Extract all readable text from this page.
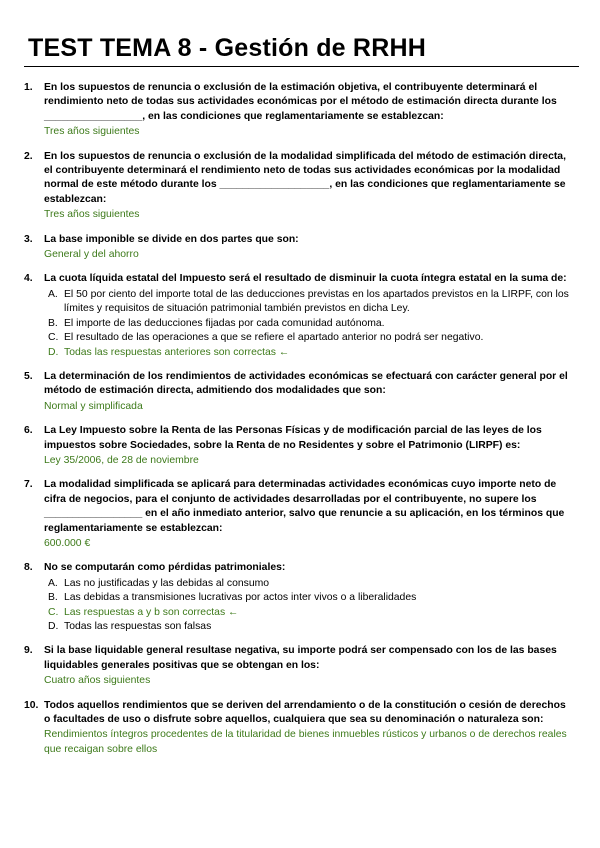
TEST TEMA 8 - Gestión de RRHH
1.	En los supuestos de renuncia o exclusión de la estimación objetiva, el contribuyente determinará el rendimiento neto de todas sus actividades económicas por el método de estimación directa durante los _________________, en las condiciones que reglamentariamente se establezcan:
Tres años siguientes
2.	En los supuestos de renuncia o exclusión de la modalidad simplificada del método de estimación directa, el contribuyente determinará el rendimiento neto de todas sus actividades económicas por la modalidad normal de este método durante los ___________________, en las condiciones que reglamentariamente se establezcan:
Tres años siguientes
3.	La base imponible se divide en dos partes que son:
General y del ahorro
4.	La cuota líquida estatal del Impuesto será el resultado de disminuir la cuota íntegra estatal en la suma de:
A. El 50 por ciento del importe total de las deducciones previstas en los apartados previstos en la LIRPF, con los límites y requisitos de situación patrimonial también previstos en dicha Ley.
B. El importe de las deducciones fijadas por cada comunidad autónoma.
C. El resultado de las operaciones a que se refiere el apartado anterior no podrá ser negativo.
D. Todas las respuestas anteriores son correctas ←
5.	La determinación de los rendimientos de actividades económicas se efectuará con carácter general por el método de estimación directa, admitiendo dos modalidades que son:
Normal y simplificada
6.	La Ley Impuesto sobre la Renta de las Personas Físicas y de modificación parcial de las leyes de los impuestos sobre Sociedades, sobre la Renta de no Residentes y sobre el Patrimonio (LIRPF) es:
Ley 35/2006, de 28 de noviembre
7.	La modalidad simplificada se aplicará para determinadas actividades económicas cuyo importe neto de cifra de negocios, para el conjunto de actividades desarrolladas por el contribuyente, no supere los _________________ en el año inmediato anterior, salvo que renuncie a su aplicación, en los términos que reglamentariamente se establezcan:
600.000 €
8.	No se computarán como pérdidas patrimoniales:
A. Las no justificadas y las debidas al consumo
B. Las debidas a transmisiones lucrativas por actos inter vivos o a liberalidades
C. Las respuestas a y b son correctas ←
D. Todas las respuestas son falsas
9.	Si la base liquidable general resultase negativa, su importe podrá ser compensado con los de las bases liquidables generales positivas que se obtengan en los:
Cuatro años siguientes
10. Todos aquellos rendimientos que se deriven del arrendamiento o de la constitución o cesión de derechos o facultades de uso o disfrute sobre aquellos, cualquiera que sea su denominación o naturaleza son:
Rendimientos íntegros procedentes de la titularidad de bienes inmuebles rústicos y urbanos o de derechos reales que recaigan sobre ellos
